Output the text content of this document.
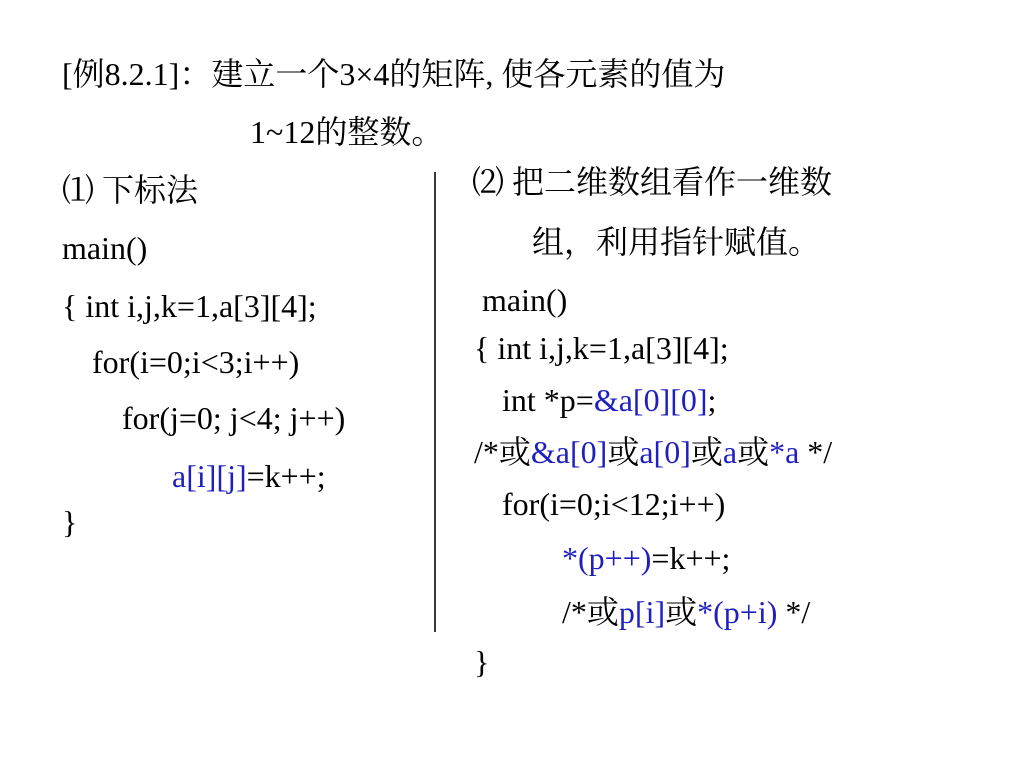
[例8.2.1]：建立一个3×4的矩阵, 使各元素的值为
1~12的整数。
⑴ 下标法
main()
{ int i,j,k=1,a[3][4];
for(i=0;i<3;i++)
for(j=0; j<4; j++)
a[i][j]=k++;
}
⑵ 把二维数组看作一维数
组，利用指针赋值。
main()
{ int i,j,k=1,a[3][4];
int *p=&a[0][0];
/*或&a[0]或a[0]或a或*a */
for(i=0;i<12;i++)
*(p++)=k++;
/*或p[i]或*(p+i) */
}
